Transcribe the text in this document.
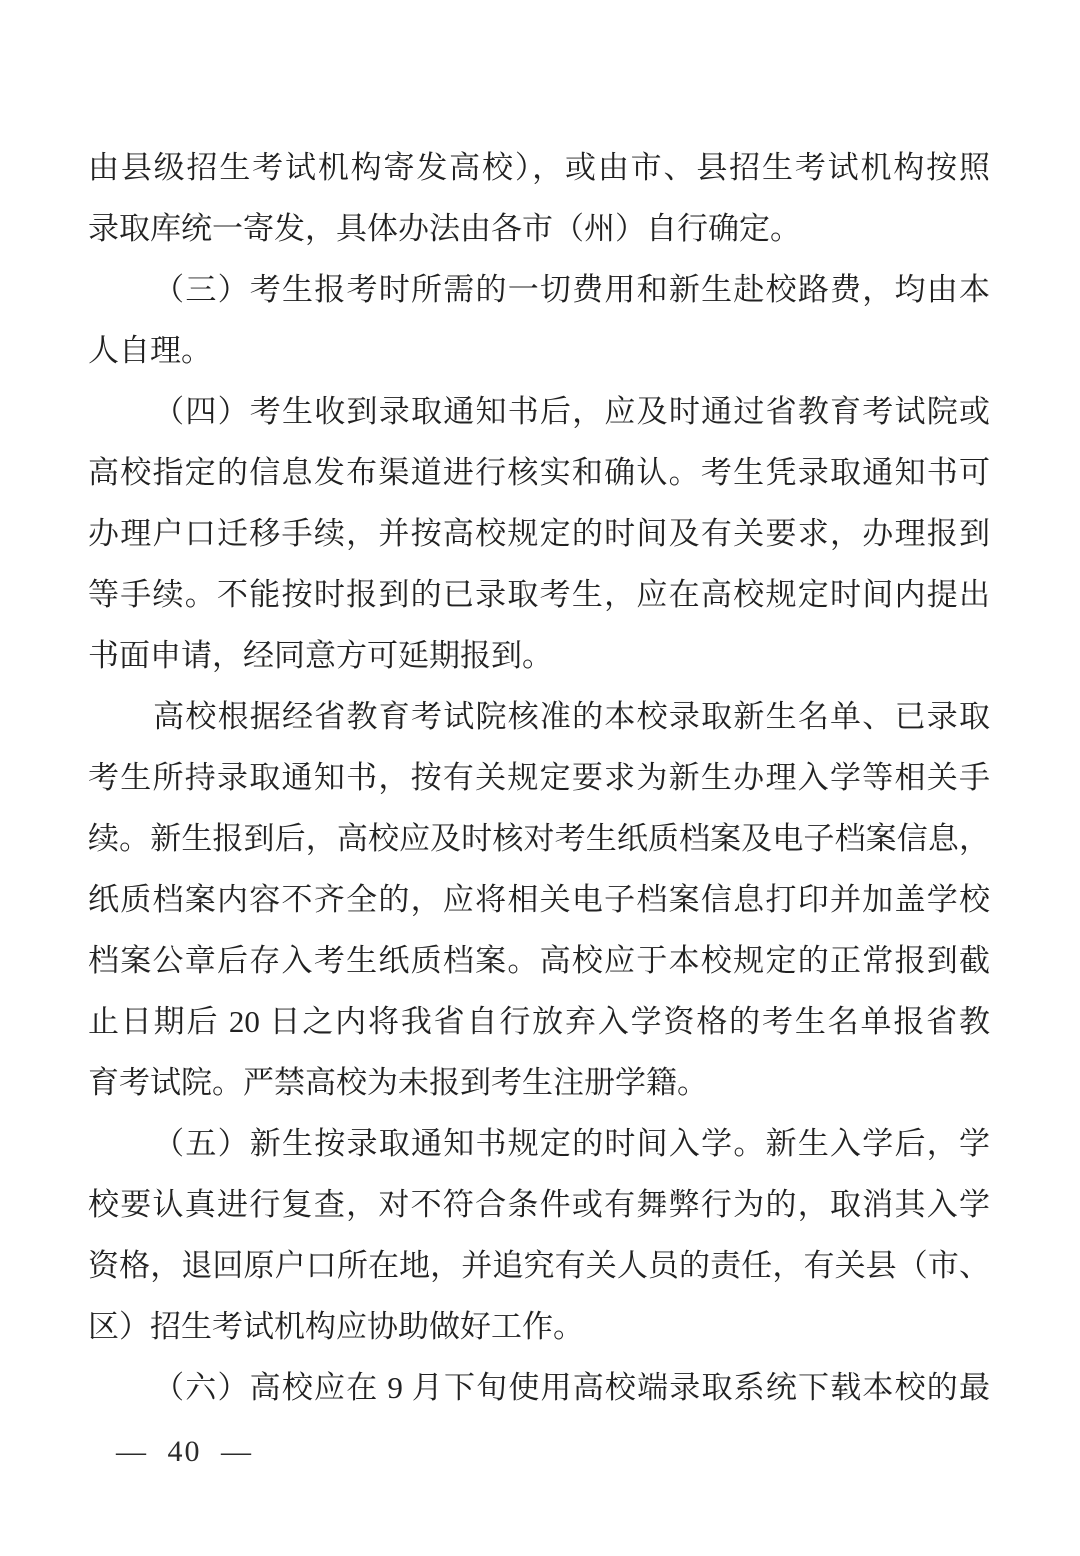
由县级招生考试机构寄发高校），或由市、县招生考试机构按照
录取库统一寄发，具体办法由各市（州）自行确定。
（三）考生报考时所需的一切费用和新生赴校路费，均由本
人自理。
（四）考生收到录取通知书后，应及时通过省教育考试院或
高校指定的信息发布渠道进行核实和确认。考生凭录取通知书可
办理户口迁移手续，并按高校规定的时间及有关要求，办理报到
等手续。不能按时报到的已录取考生，应在高校规定时间内提出
书面申请，经同意方可延期报到。
高校根据经省教育考试院核准的本校录取新生名单、已录取
考生所持录取通知书，按有关规定要求为新生办理入学等相关手
续。新生报到后，高校应及时核对考生纸质档案及电子档案信息，
纸质档案内容不齐全的，应将相关电子档案信息打印并加盖学校
档案公章后存入考生纸质档案。高校应于本校规定的正常报到截
止日期后 20 日之内将我省自行放弃入学资格的考生名单报省教
育考试院。严禁高校为未报到考生注册学籍。
（五）新生按录取通知书规定的时间入学。新生入学后，学
校要认真进行复查，对不符合条件或有舞弊行为的，取消其入学
资格，退回原户口所在地，并追究有关人员的责任，有关县（市、
区）招生考试机构应协助做好工作。
（六）高校应在 9 月下旬使用高校端录取系统下载本校的最
— 40 —
